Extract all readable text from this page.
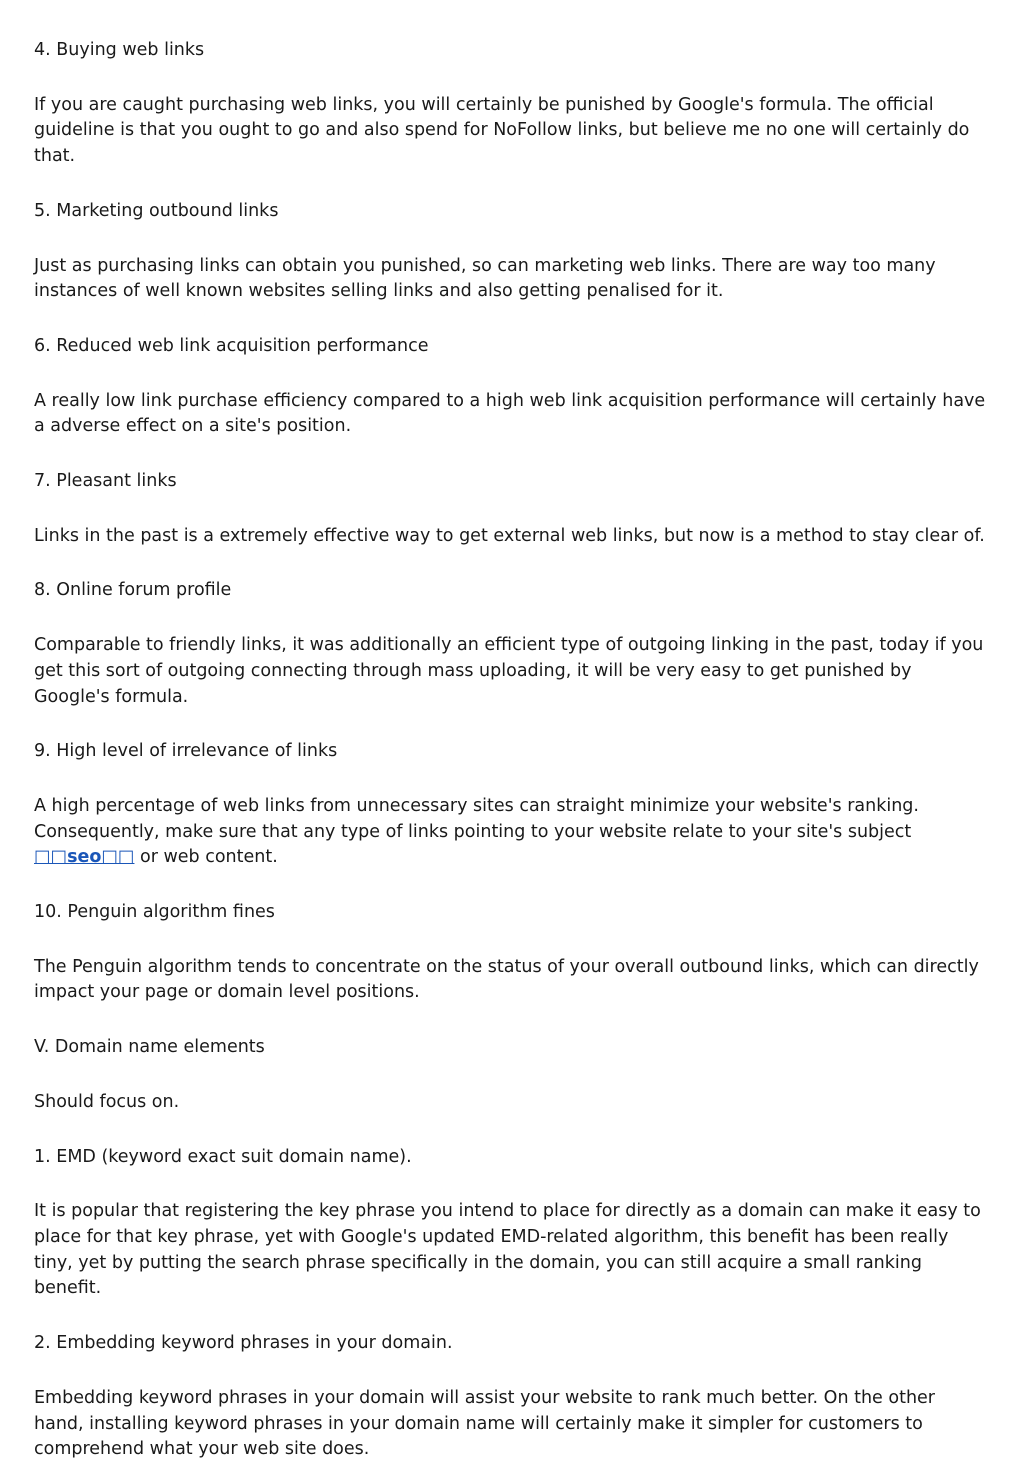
4. Buying web links

If you are caught purchasing web links, you will certainly be punished by Google's formula. The official guideline is that you ought to go and also spend for NoFollow links, but believe me no one will certainly do that.

5. Marketing outbound links

Just as purchasing links can obtain you punished, so can marketing web links. There are way too many instances of well known websites selling links and also getting penalised for it.

6. Reduced web link acquisition performance

A really low link purchase efficiency compared to a high web link acquisition performance will certainly have a adverse effect on a site's position.

7. Pleasant links

Links in the past is a extremely effective way to get external web links, but now is a method to stay clear of.

8. Online forum profile

Comparable to friendly links, it was additionally an efficient type of outgoing linking in the past, today if you get this sort of outgoing connecting through mass uploading, it will be very easy to get punished by Google's formula.

9. High level of irrelevance of links

A high percentage of web links from unnecessary sites can straight minimize your website's ranking. Consequently, make sure that any type of links pointing to your website relate to your site's subject □□seo□□ or web content.

10. Penguin algorithm fines

The Penguin algorithm tends to concentrate on the status of your overall outbound links, which can directly impact your page or domain level positions.

V. Domain name elements

Should focus on.

1. EMD (keyword exact suit domain name).

It is popular that registering the key phrase you intend to place for directly as a domain can make it easy to place for that key phrase, yet with Google's updated EMD-related algorithm, this benefit has been really tiny, yet by putting the search phrase specifically in the domain, you can still acquire a small ranking benefit.

2. Embedding keyword phrases in your domain.

Embedding keyword phrases in your domain will assist your website to rank much better. On the other hand, installing keyword phrases in your domain name will certainly make it simpler for customers to comprehend what your web site does.
